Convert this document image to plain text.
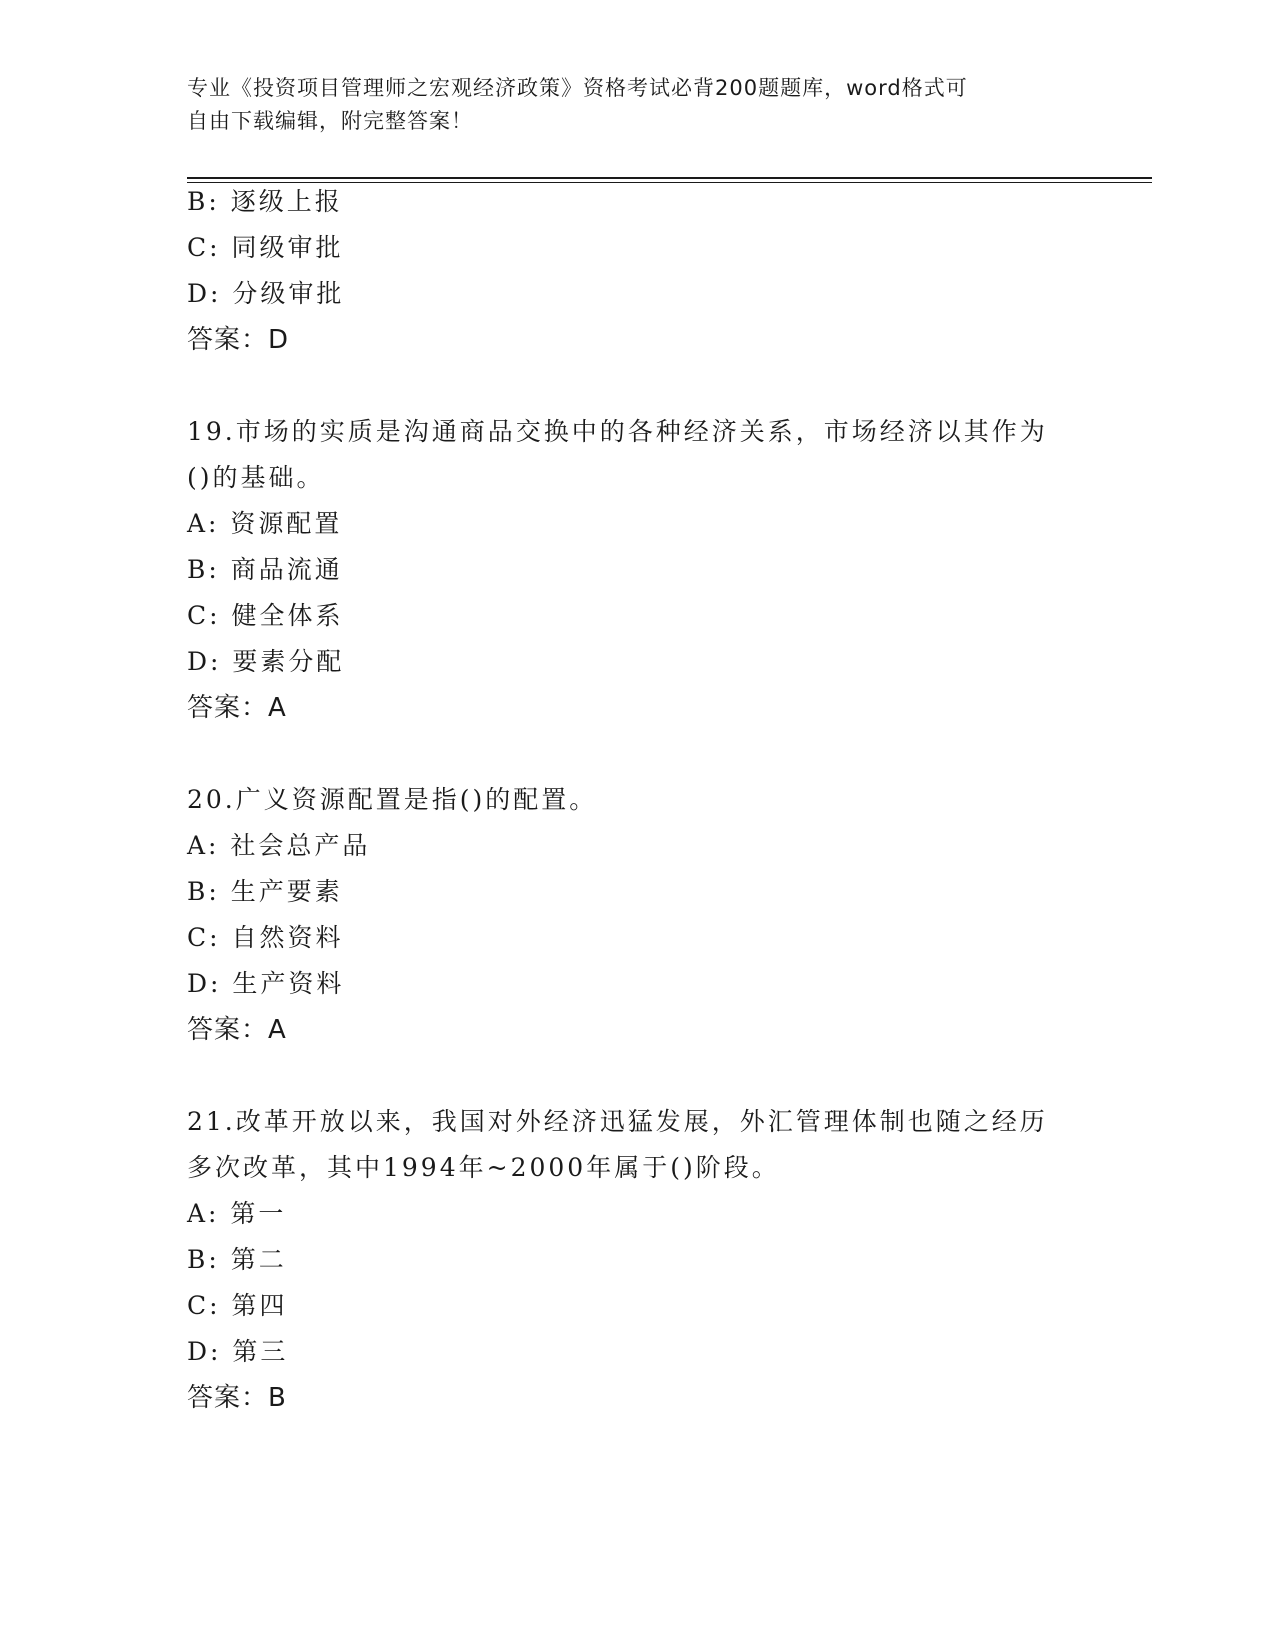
专业《投资项目管理师之宏观经济政策》资格考试必背200题题库，word格式可
自由下载编辑，附完整答案！
B: 逐级上报
C: 同级审批
D: 分级审批
答案：D
19.市场的实质是沟通商品交换中的各种经济关系，市场经济以其作为
()的基础。
A: 资源配置
B: 商品流通
C: 健全体系
D: 要素分配
答案：A
20.广义资源配置是指()的配置。
A: 社会总产品
B: 生产要素
C: 自然资料
D: 生产资料
答案：A
21.改革开放以来，我国对外经济迅猛发展，外汇管理体制也随之经历
多次改革，其中1994年~2000年属于()阶段。
A: 第一
B: 第二
C: 第四
D: 第三
答案：B
